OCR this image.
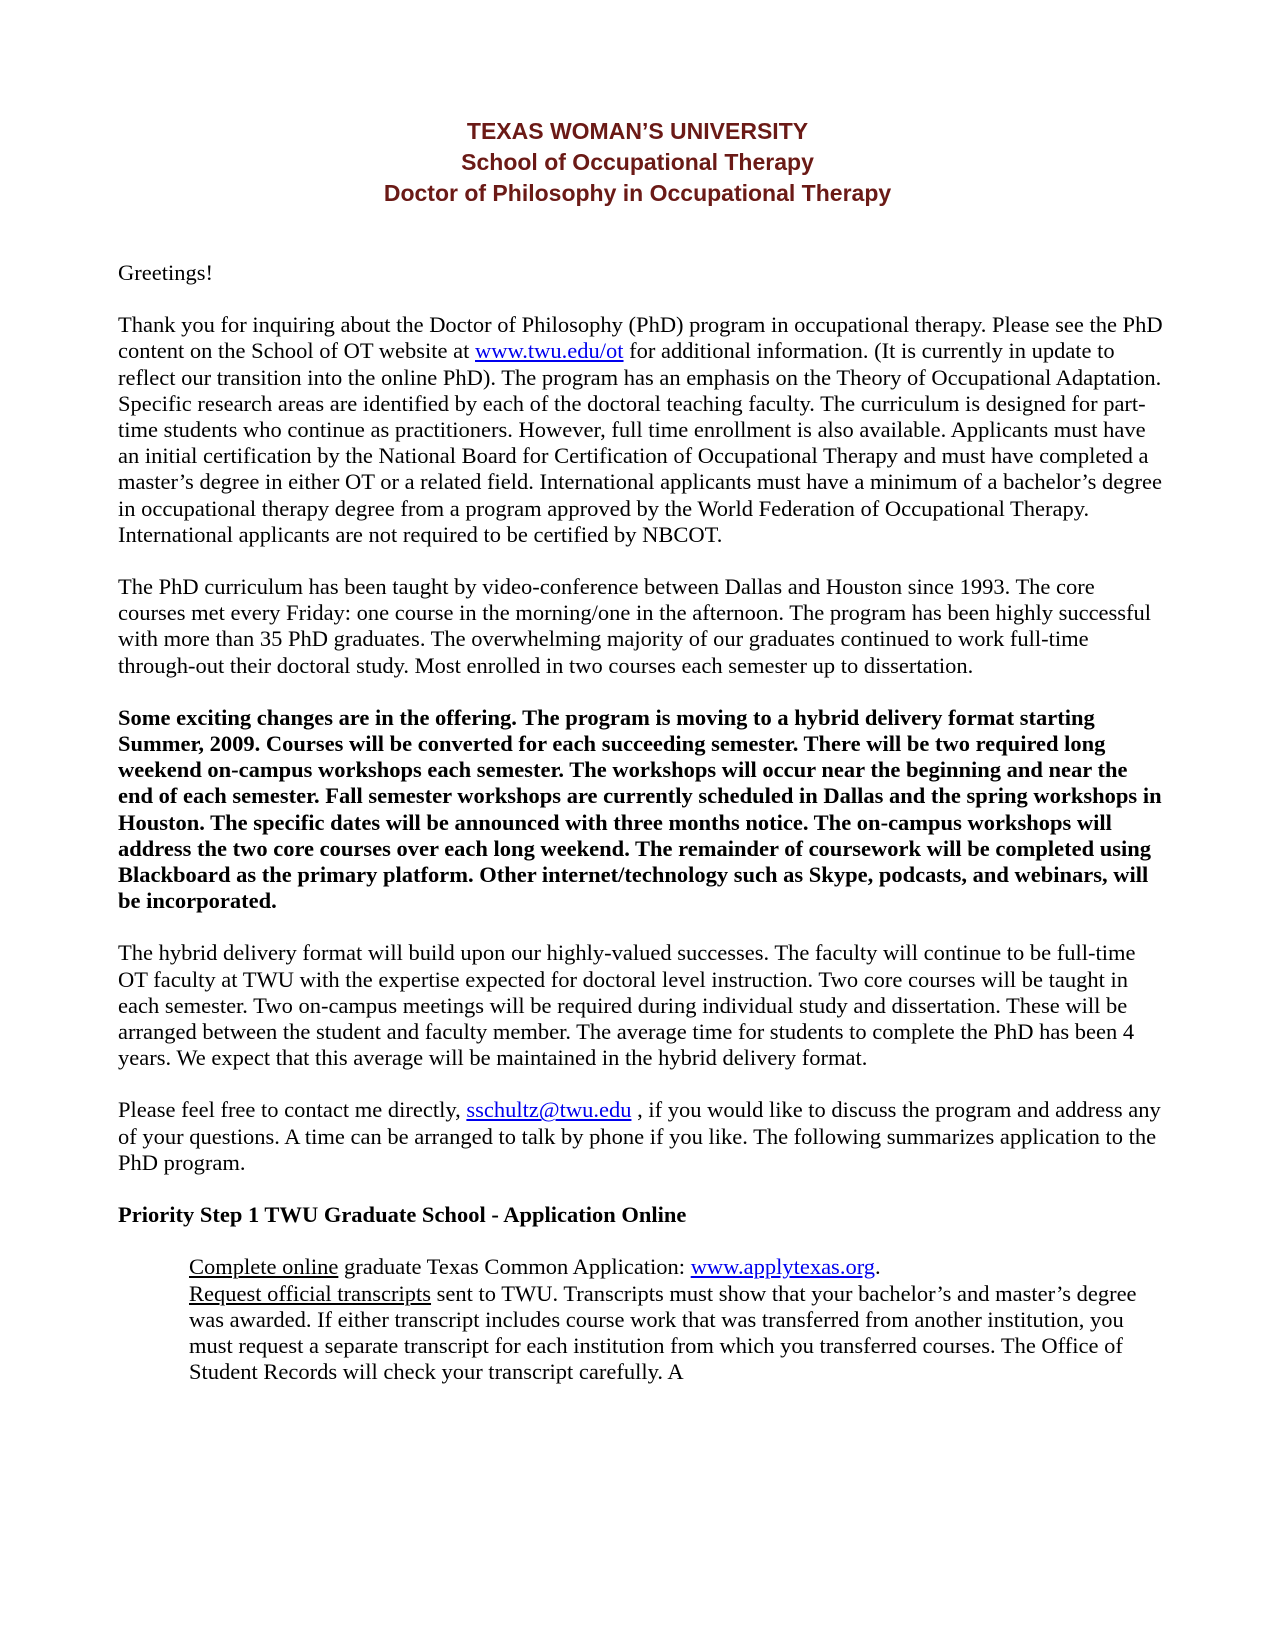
TEXAS WOMAN’S UNIVERSITY
School of Occupational Therapy
Doctor of Philosophy in Occupational Therapy

Greetings!

Thank you for inquiring about the Doctor of Philosophy (PhD) program in occupational therapy. Please see the PhD content on the School of OT website at www.twu.edu/ot for additional information. (It is currently in update to reflect our transition into the online PhD). The program has an emphasis on the Theory of Occupational Adaptation. Specific research areas are identified by each of the doctoral teaching faculty. The curriculum is designed for part-time students who continue as practitioners. However, full time enrollment is also available. Applicants must have an initial certification by the National Board for Certification of Occupational Therapy and must have completed a master’s degree in either OT or a related field. International applicants must have a minimum of a bachelor’s degree in occupational therapy degree from a program approved by the World Federation of Occupational Therapy. International applicants are not required to be certified by NBCOT.

The PhD curriculum has been taught by video-conference between Dallas and Houston since 1993. The core courses met every Friday: one course in the morning/one in the afternoon. The program has been highly successful with more than 35 PhD graduates. The overwhelming majority of our graduates continued to work full-time through-out their doctoral study. Most enrolled in two courses each semester up to dissertation.

Some exciting changes are in the offering. The program is moving to a hybrid delivery format starting Summer, 2009. Courses will be converted for each succeeding semester. There will be two required long weekend on-campus workshops each semester. The workshops will occur near the beginning and near the end of each semester. Fall semester workshops are currently scheduled in Dallas and the spring workshops in Houston. The specific dates will be announced with three months notice. The on-campus workshops will address the two core courses over each long weekend. The remainder of coursework will be completed using Blackboard as the primary platform. Other internet/technology such as Skype, podcasts, and webinars, will be incorporated.

The hybrid delivery format will build upon our highly-valued successes. The faculty will continue to be full-time OT faculty at TWU with the expertise expected for doctoral level instruction. Two core courses will be taught in each semester. Two on-campus meetings will be required during individual study and dissertation. These will be arranged between the student and faculty member. The average time for students to complete the PhD has been 4 years. We expect that this average will be maintained in the hybrid delivery format.

Please feel free to contact me directly, sschultz@twu.edu , if you would like to discuss the program and address any of your questions. A time can be arranged to talk by phone if you like. The following summarizes application to the PhD program.

Priority Step 1 TWU Graduate School - Application Online

Complete online graduate Texas Common Application: www.applytexas.org.

Request official transcripts sent to TWU. Transcripts must show that your bachelor’s and master’s degree was awarded. If either transcript includes course work that was transferred from another institution, you must request a separate transcript for each institution from which you transferred courses. The Office of Student Records will check your transcript carefully. A
